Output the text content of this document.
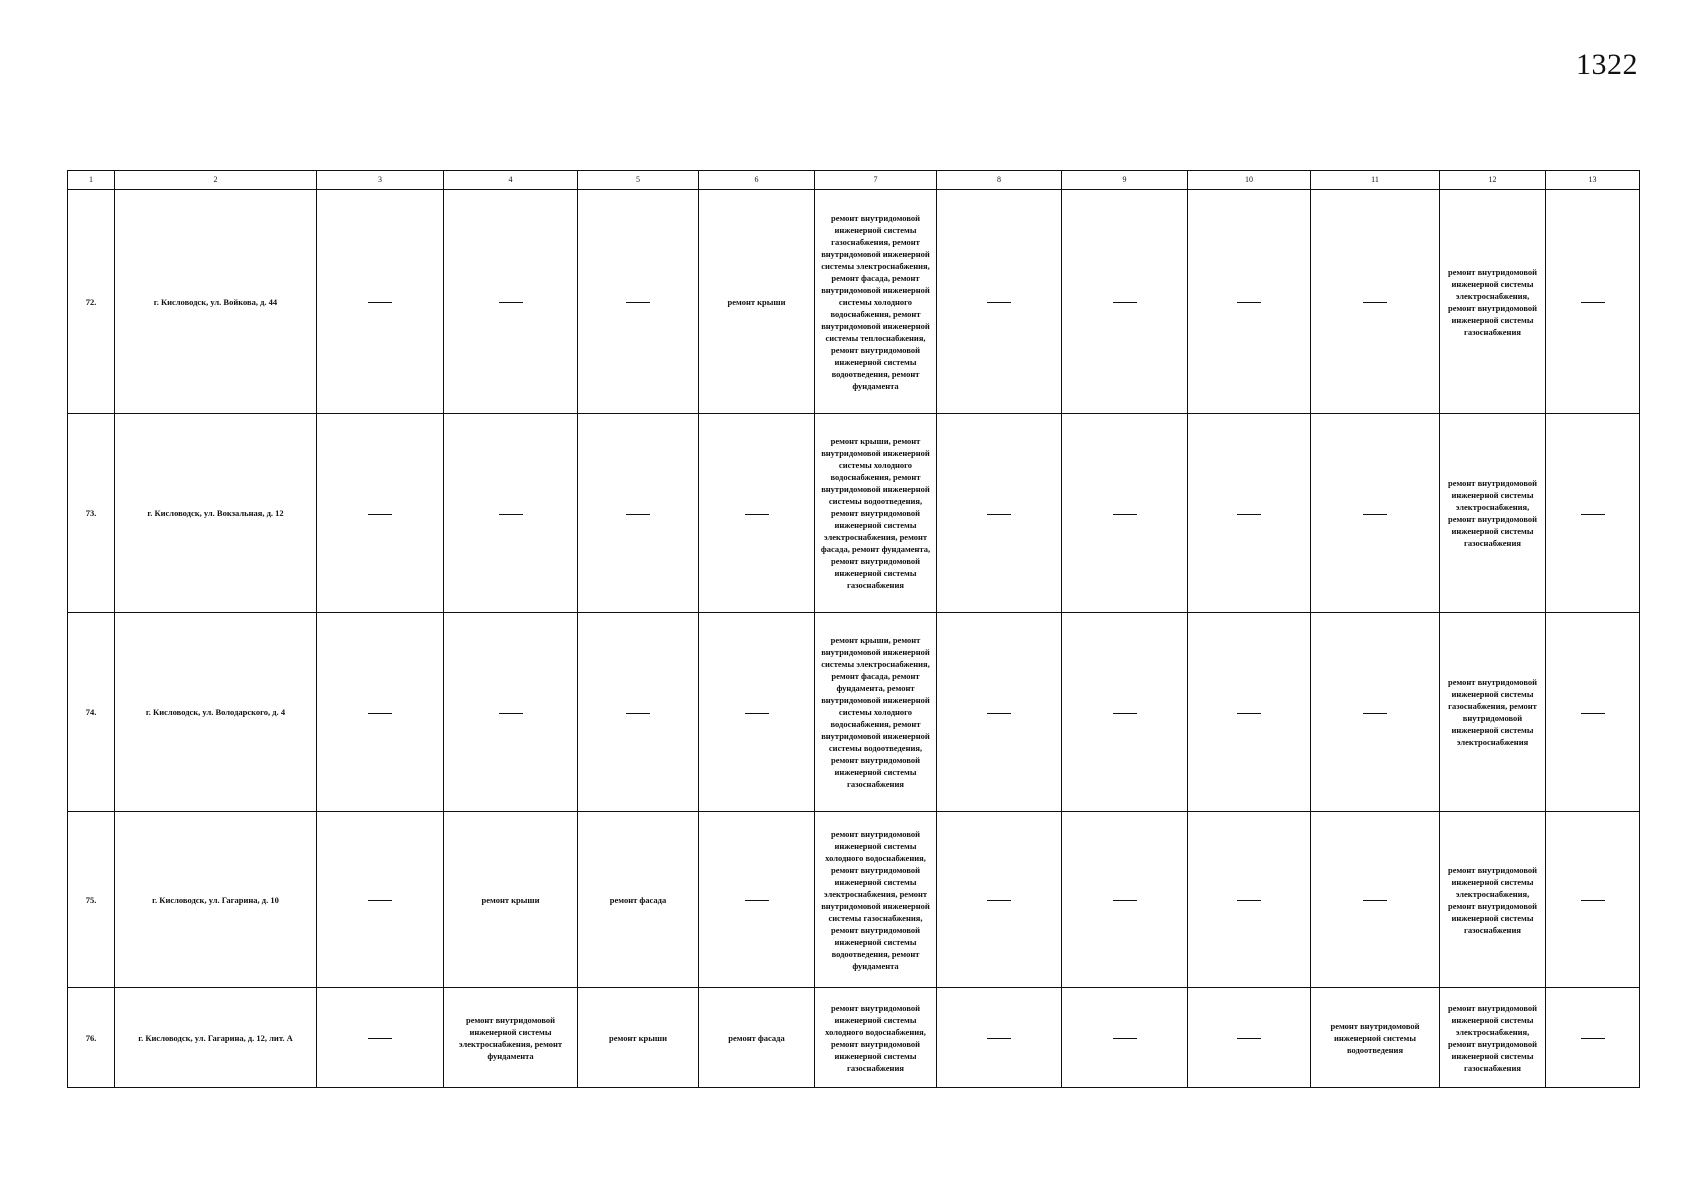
1322
1	2	3	4	5	6	7	8	9	10	11	12	13
72.	г. Кисловодск, ул. Войкова, д. 44				ремонт крыши	ремонт внутридомовой инженерной системы газоснабжения, ремонт внутридомовой инженерной системы электроснабжения, ремонт фасада, ремонт внутридомовой инженерной системы холодного водоснабжения, ремонт внутридомовой инженерной системы теплоснабжения, ремонт внутридомовой инженерной системы водоотведения, ремонт фундамента					ремонт внутридомовой инженерной системы электроснабжения, ремонт внутридомовой инженерной системы газоснабжения	
73.	г. Кисловодск, ул. Вокзальная, д. 12					ремонт крыши, ремонт внутридомовой инженерной системы холодного водоснабжения, ремонт внутридомовой инженерной системы водоотведения, ремонт внутридомовой инженерной системы электроснабжения, ремонт фасада, ремонт фундамента, ремонт внутридомовой инженерной системы газоснабжения					ремонт внутридомовой инженерной системы электроснабжения, ремонт внутридомовой инженерной системы газоснабжения	
74.	г. Кисловодск, ул. Володарского, д. 4					ремонт крыши, ремонт внутридомовой инженерной системы электроснабжения, ремонт фасада, ремонт фундамента, ремонт внутридомовой инженерной системы холодного водоснабжения, ремонт внутридомовой инженерной системы водоотведения, ремонт внутридомовой инженерной системы газоснабжения					ремонт внутридомовой инженерной системы газоснабжения, ремонт внутридомовой инженерной системы электроснабжения	
75.	г. Кисловодск, ул. Гагарина, д. 10		ремонт крыши	ремонт фасада		ремонт внутридомовой инженерной системы холодного водоснабжения, ремонт внутридомовой инженерной системы электроснабжения, ремонт внутридомовой инженерной системы газоснабжения, ремонт внутридомовой инженерной системы водоотведения, ремонт фундамента					ремонт внутридомовой инженерной системы электроснабжения, ремонт внутридомовой инженерной системы газоснабжения	
76.	г. Кисловодск, ул. Гагарина, д. 12, лит. А		ремонт внутридомовой инженерной системы электроснабжения, ремонт фундамента	ремонт крыши	ремонт фасада	ремонт внутридомовой инженерной системы холодного водоснабжения, ремонт внутридомовой инженерной системы газоснабжения				ремонт внутридомовой инженерной системы водоотведения	ремонт внутридомовой инженерной системы электроснабжения, ремонт внутридомовой инженерной системы газоснабжения	
